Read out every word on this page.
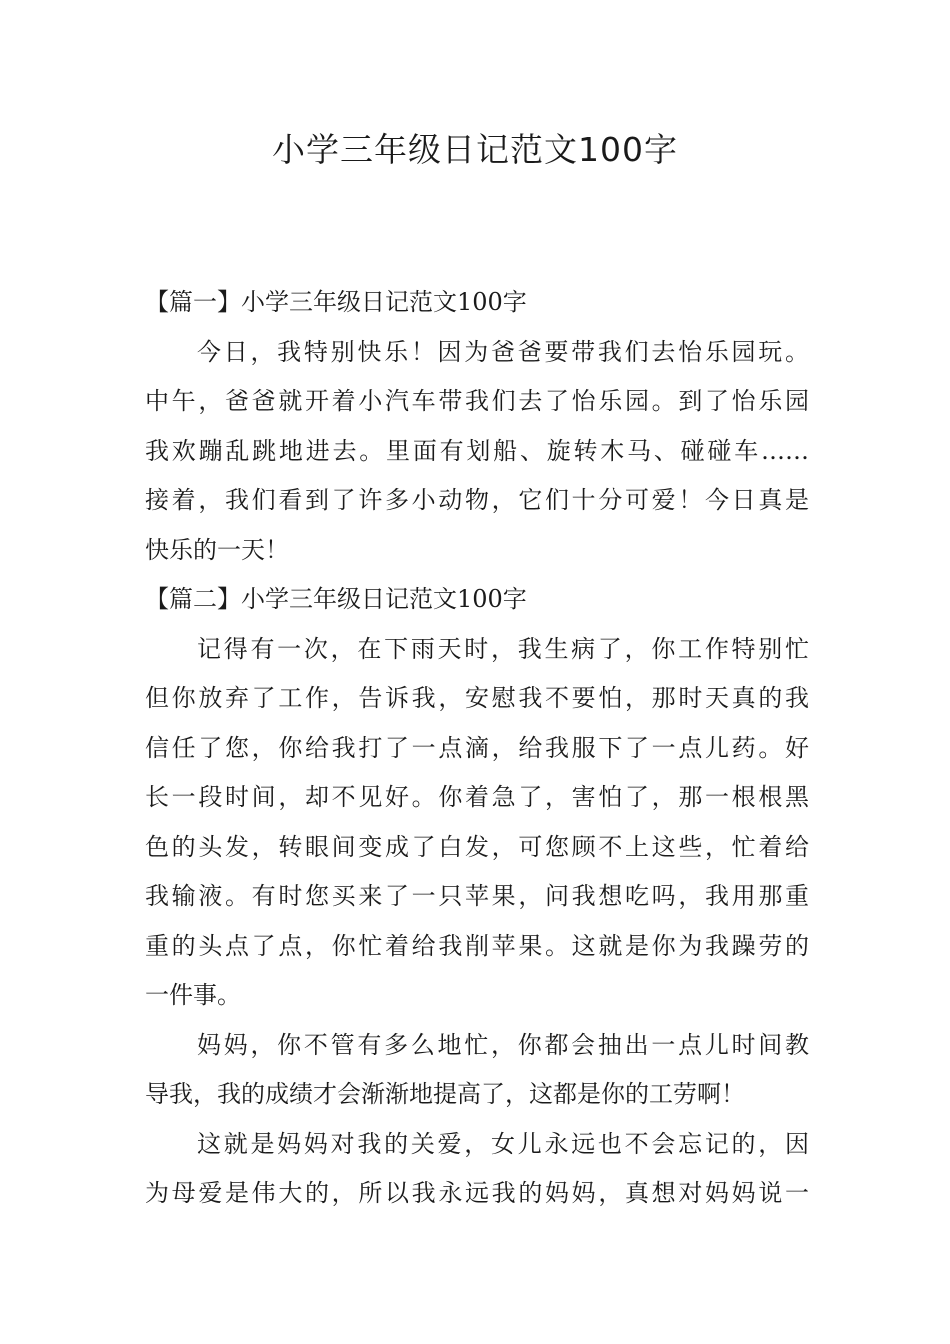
小学三年级日记范文100字
【篇一】小学三年级日记范文100字
今日，我特别快乐！因为爸爸要带我们去怡乐园玩。
中午，爸爸就开着小汽车带我们去了怡乐园。到了怡乐园
我欢蹦乱跳地进去。里面有划船、旋转木马、碰碰车……
接着，我们看到了许多小动物，它们十分可爱！今日真是
快乐的一天！
【篇二】小学三年级日记范文100字
记得有一次，在下雨天时，我生病了，你工作特别忙
但你放弃了工作，告诉我，安慰我不要怕，那时天真的我
信任了您，你给我打了一点滴，给我服下了一点儿药。好
长一段时间，却不见好。你着急了，害怕了，那一根根黑
色的头发，转眼间变成了白发，可您顾不上这些，忙着给
我输液。有时您买来了一只苹果，问我想吃吗，我用那重
重的头点了点，你忙着给我削苹果。这就是你为我躁劳的
一件事。
妈妈，你不管有多么地忙，你都会抽出一点儿时间教
导我，我的成绩才会渐渐地提高了，这都是你的工劳啊！
这就是妈妈对我的关爱，女儿永远也不会忘记的，因
为母爱是伟大的，所以我永远我的妈妈，真想对妈妈说一
